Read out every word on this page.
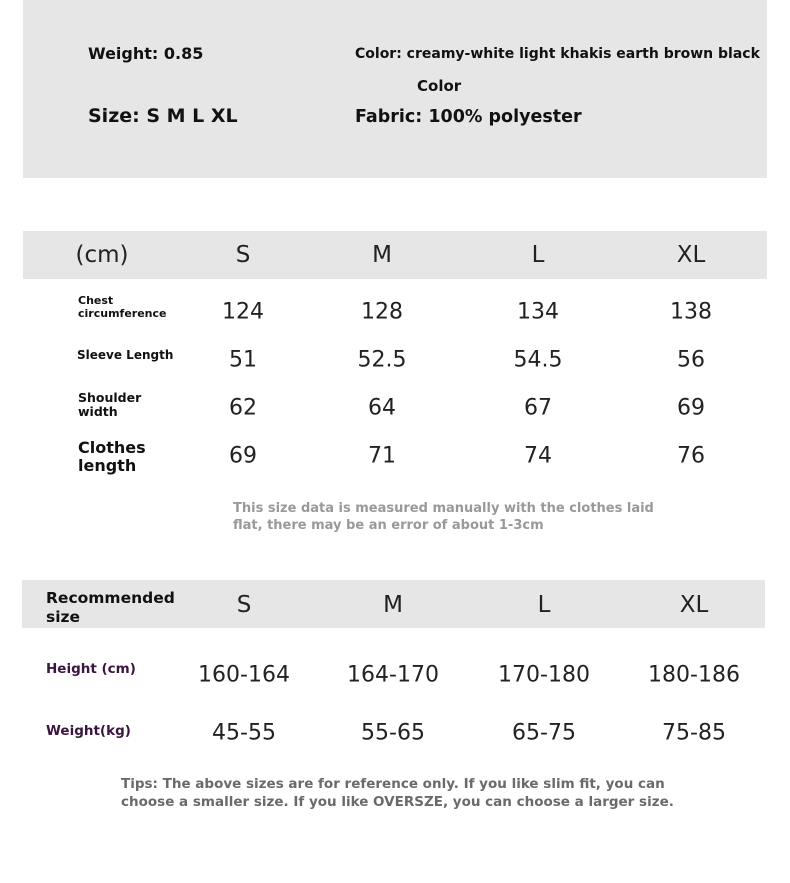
Weight: 0.85
Size: S M L XL
Color: creamy-white light khakis earth brown black
Color
Fabric: 100% polyester
(cm)	S	M	L	XL
Chest circumference	124	128	134	138
Sleeve Length	51	52.5	54.5	56
Shoulder width	62	64	67	69
Clothes length	69	71	74	76
This size data is measured manually with the clothes laid flat, there may be an error of about 1-3cm
Recommended size	S	M	L	XL
Height (cm)	160-164	164-170	170-180	180-186
Weight(kg)	45-55	55-65	65-75	75-85
Tips: The above sizes are for reference only. If you like slim fit, you can choose a smaller size. If you like OVERSZE, you can choose a larger size.
